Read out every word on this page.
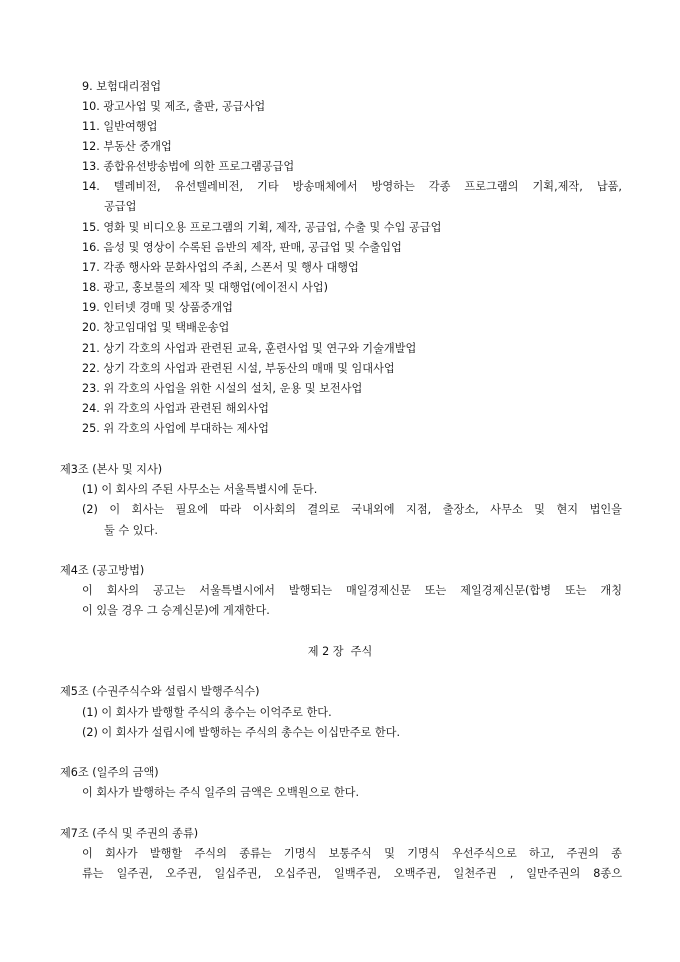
9. 보험대리점업
10. 광고사업 및 제조, 출판, 공급사업
11. 일반여행업
12. 부동산 중개업
13. 종합유선방송법에 의한 프로그램공급업
14. 텔레비전, 유선텔레비전, 기타 방송매체에서 방영하는 각종 프로그램의 기획,제작, 납품,
공급업
15. 영화 및 비디오용 프로그램의 기획, 제작, 공급업, 수출 및 수입 공급업
16. 음성 및 영상이 수록된 음반의 제작, 판매, 공급업 및 수출입업
17. 각종 행사와 문화사업의 주최, 스폰서 및 행사 대행업
18. 광고, 홍보물의 제작 및 대행업(에이전시 사업)
19. 인터넷 경매 및 상품중개업
20. 창고임대업 및 택배운송업
21. 상기 각호의 사업과 관련된 교육, 훈련사업 및 연구와 기술개발업
22. 상기 각호의 사업과 관련된 시설, 부동산의 매매 및 임대사업
23. 위 각호의 사업을 위한 시설의 설치, 운용 및 보전사업
24. 위 각호의 사업과 관련된 해외사업
25. 위 각호의 사업에 부대하는 제사업
제3조 (본사 및 지사)
(1) 이 회사의 주된 사무소는 서울특별시에 둔다.
(2) 이 회사는 필요에 따라 이사회의 결의로 국내외에 지점, 출장소, 사무소 및 현지 법인을
둘 수 있다.
제4조 (공고방법)
이 회사의 공고는 서울특별시에서 발행되는 매일경제신문 또는 제일경제신문(합병 또는 개칭
이 있을 경우 그 승계신문)에 게재한다.
제 2 장  주식
제5조 (수권주식수와 설립시 발행주식수)
(1) 이 회사가 발행할 주식의 총수는 이억주로 한다.
(2) 이 회사가 설립시에 발행하는 주식의 총수는 이십만주로 한다.
제6조 (일주의 금액)
이 회사가 발행하는 주식 일주의 금액은 오백원으로 한다.
제7조 (주식 및 주권의 종류)
이 회사가 발행할 주식의 종류는 기명식 보통주식 및 기명식 우선주식으로 하고, 주권의 종
류는 일주권, 오주권, 일십주권, 오십주권, 일백주권, 오백주권, 일천주권 , 일만주권의 8종으
